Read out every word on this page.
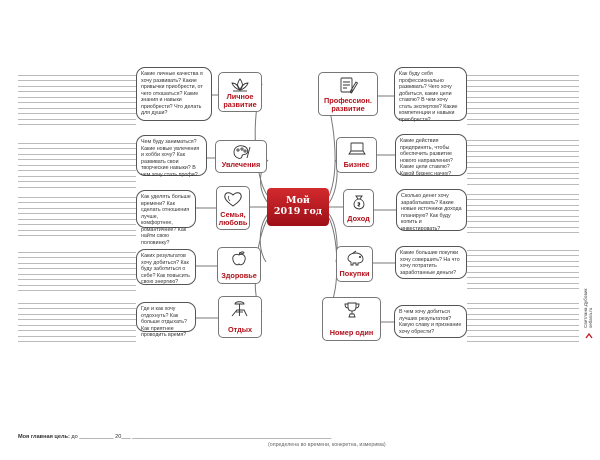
Какие личные качества я хочу развивать? Какие привычки приобрести, от чего отказаться? Какие знания и навыки приобрести? Что делать для души?
Чем буду заниматься? Какие новые увлечения и хобби хочу? Как развивать свои творческие навыки? В чем хочу стать профи?
Как уделять больше времени? Как сделать отношения лучше, комфортнее, романтичнее? Как найти свою половинку?
Каких результатов хочу добиться? Как буду заботиться о себе? Как повысить свою энергию?
Где и как хочу отдохнуть? Как больше отдыхать? Как приятнее проводить время?
Как буду себя профессионально развивать? Чего хочу добиться, какие цели ставлю? В чем хочу стать экспертом? Какие компетенции и навыки приобрести?
Какие действия предпринять, чтобы обеспечить развитие нового направления? Какие цели ставлю? Какой бизнес начну?
Сколько денег хочу зарабатывать? Какие новые источники дохода планирую? Как буду копить и инвестировать?
Какие большие покупки хочу совершить? На что хочу потратить заработанные деньги?
В чем хочу добиться лучших результатов? Какую славу и признание хочу обрести?
Личное развитие
Увлечения
Семья, любовь
Здоровье
Отдых
Профессион. развитие
Бизнес
Доход
Покупки
Номер один
Мой
2019 год
Моя главная цель: до ___________ 20___ ________________________________________________________________
(определена во времени, конкретна, измерима)
Светлана Дубовик
setlana.ru
